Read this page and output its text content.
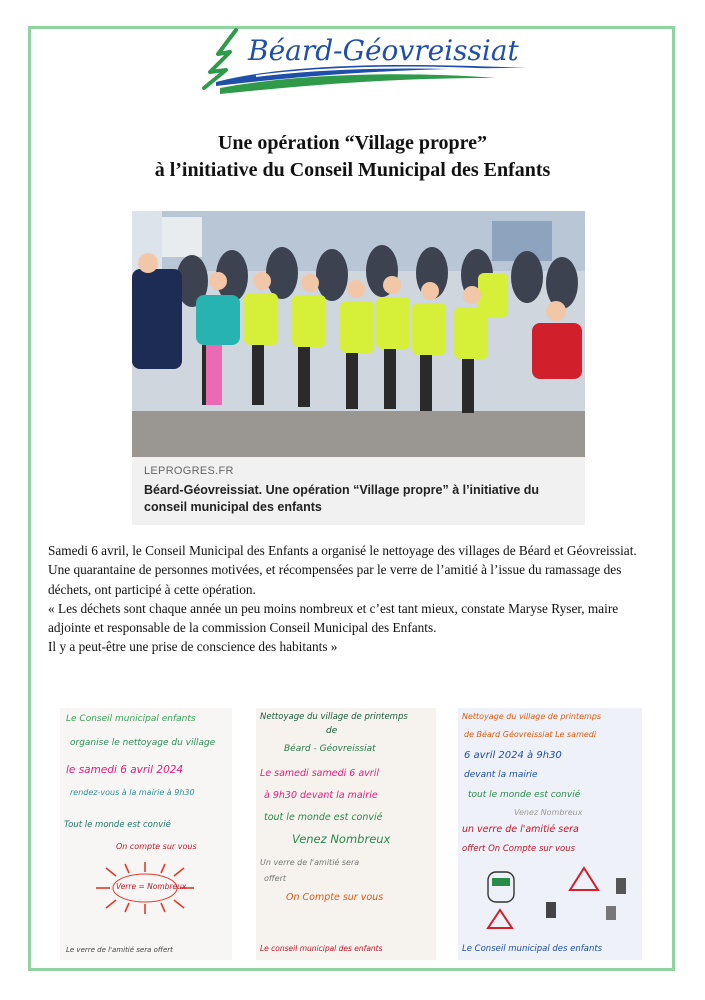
Béard-Géovreissiat
Une opération “Village propre”
à l’initiative du Conseil Municipal des Enfants
LEPROGRES.FR
Béard-Géovreissiat. Une opération “Village propre” à l’initiative du conseil municipal des enfants

Samedi 6 avril, le Conseil Municipal des Enfants a organisé le nettoyage des villages de Béard et Géovreissiat.

Une quarantaine de personnes motivées, et récompensées par le verre de l’amitié à l’issue du ramassage des déchets, ont participé à cette opération.

« Les déchets sont chaque année un peu moins nombreux et c’est tant mieux, constate Maryse Ryser, maire adjointe et responsable de la commission Conseil Municipal des Enfants.

Il y a peut-être une prise de conscience des habitants »

Le Conseil municipal enfants
organise le nettoyage du village
le samedi 6 avril 2024
rendez-vous à la mairie à 9h30
Tout le monde est convié
On compte sur vous
Verre = Nombreux
Le verre de l'amitié sera offert
Nettoyage du village de printemps
de
Béard - Géovreissiat
Le samedi samedi 6 avril
à 9h30 devant la mairie
tout le monde est convié
Venez Nombreux
Un verre de l'amitié sera
offert
On Compte sur vous
Le conseil municipal des enfants
Nettoyage du village de printemps
de Béard Géovreissiat Le samedi
6 avril 2024 à 9h30
devant la mairie
tout le monde est convié
Venez Nombreux
un verre de l'amitié sera
offert On Compte sur vous
Le Conseil municipal des enfants
